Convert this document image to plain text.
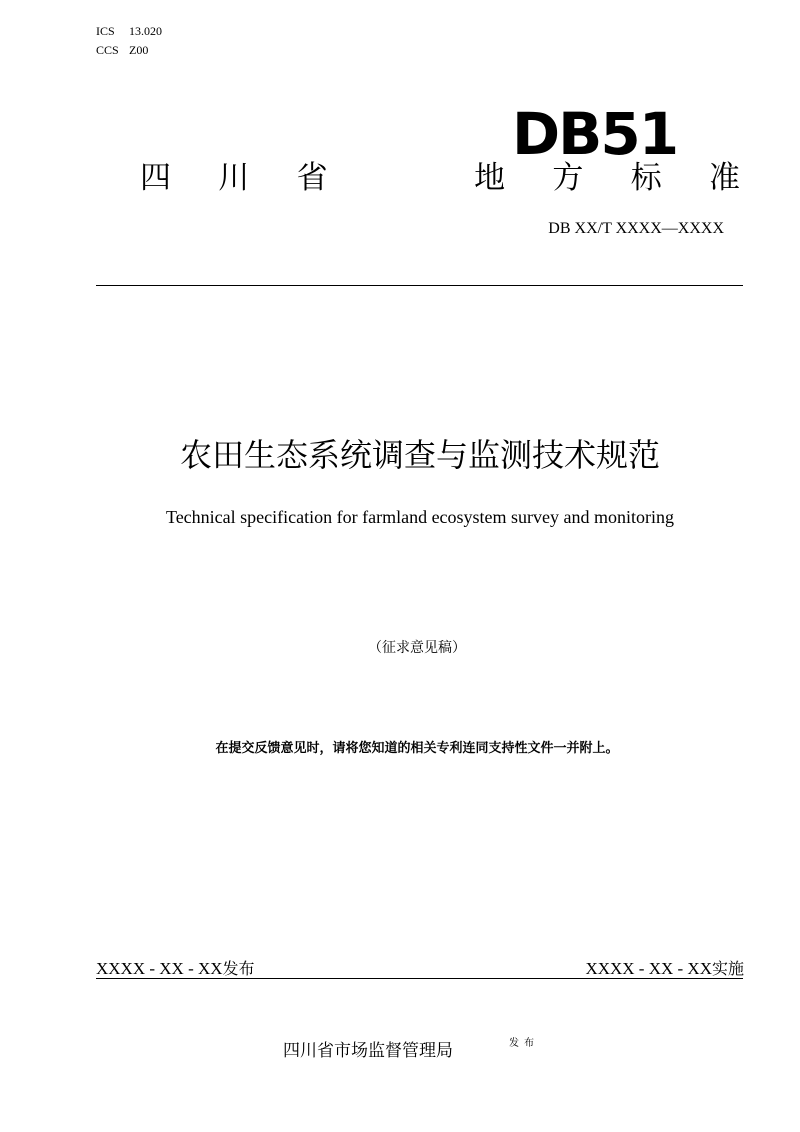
ICS 13.020
CCS Z00
DB51
四 川 省	地 方 标 准
DB XX/T XXXX—XXXX
农田生态系统调查与监测技术规范
Technical specification for farmland ecosystem survey and monitoring
（征求意见稿）
在提交反馈意见时，请将您知道的相关专利连同支持性文件一并附上。
XXXX - XX - XX发布	XXXX - XX - XX实施
四川省市场监督管理局	发布
